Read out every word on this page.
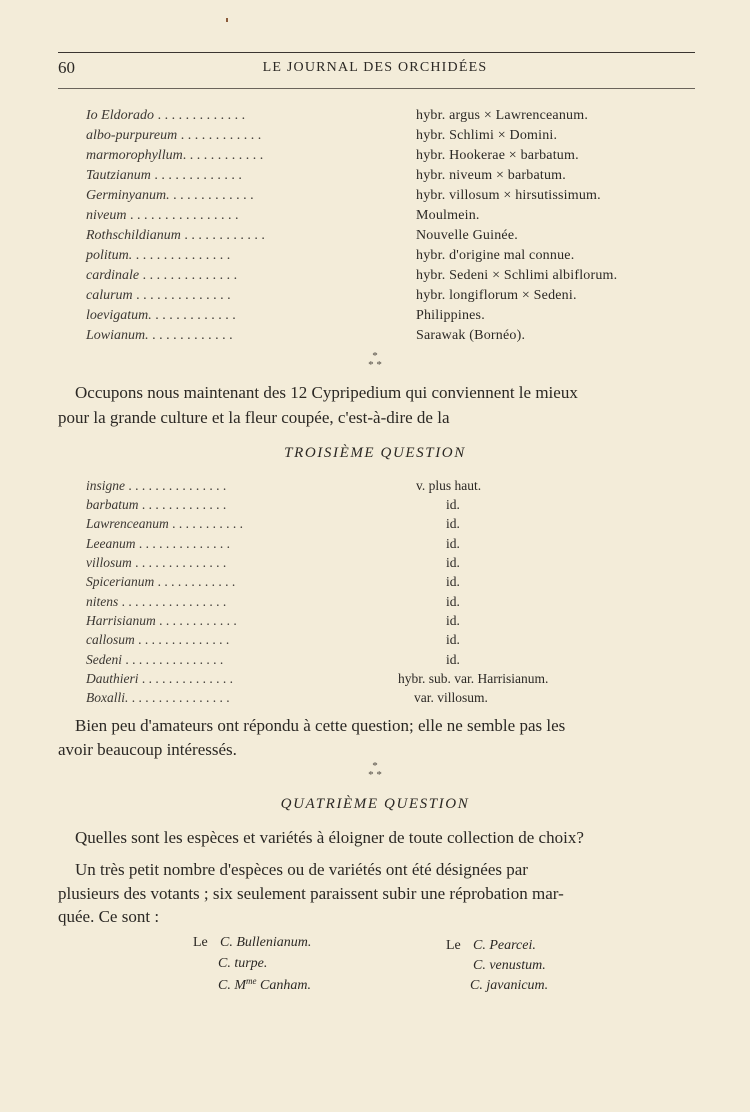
60	LE JOURNAL DES ORCHIDÉES
Io Eldorado . . . . . . . . . . . . .	hybr. argus × Lawrenceanum.
albo-purpureum . . . . . . . . . . . .	hybr. Schlimi × Domini.
marmorophyllum. . . . . . . . . . . .	hybr. Hookerae × barbatum.
Tautzianum . . . . . . . . . . . . .	hybr. niveum × barbatum.
Germinyanum. . . . . . . . . . . . .	hybr. villosum × hirsutissimum.
niveum . . . . . . . . . . . . . . . .	Moulmein.
Rothschildianum . . . . . . . . . . . .	Nouvelle Guinée.
politum. . . . . . . . . . . . . . .	hybr. d'origine mal connue.
cardinale . . . . . . . . . . . . . .	hybr. Sedeni × Schlimi albiflorum.
calurum . . . . . . . . . . . . . .	hybr. longiflorum × Sedeni.
loevigatum. . . . . . . . . . . . .	Philippines.
Lowianum. . . . . . . . . . . . .	Sarawak (Bornéo).
*
* *
Occupons nous maintenant des 12 Cypripedium qui conviennent le mieux
pour la grande culture et la fleur coupée, c'est-à-dire de la
TROISIÈME QUESTION
insigne . . . . . . . . . . . . . . .	v. plus haut.
barbatum . . . . . . . . . . . . .	id.
Lawrenceanum . . . . . . . . . . .	id.
Leeanum . . . . . . . . . . . . . .	id.
villosum . . . . . . . . . . . . . .	id.
Spicerianum . . . . . . . . . . . .	id.
nitens . . . . . . . . . . . . . . . .	id.
Harrisianum . . . . . . . . . . . .	id.
callosum . . . . . . . . . . . . . .	id.
Sedeni . . . . . . . . . . . . . . .	id.
Dauthieri . . . . . . . . . . . . . .	hybr. sub. var. Harrisianum.
Boxalli. . . . . . . . . . . . . . . .	var. villosum.
Bien peu d'amateurs ont répondu à cette question; elle ne semble pas les
avoir beaucoup intéressés.
*
* *
QUATRIÈME QUESTION
Quelles sont les espèces et variétés à éloigner de toute collection de choix?
Un très petit nombre d'espèces ou de variétés ont été désignées par
plusieurs des votants ; six seulement paraissent subir une réprobation mar-
quée. Ce sont :
Le C. Bullenianum.
C. turpe.
C. $M^{me}$ Canham.
Le C. Pearcei.
C. venustum.
C. javanicum.
